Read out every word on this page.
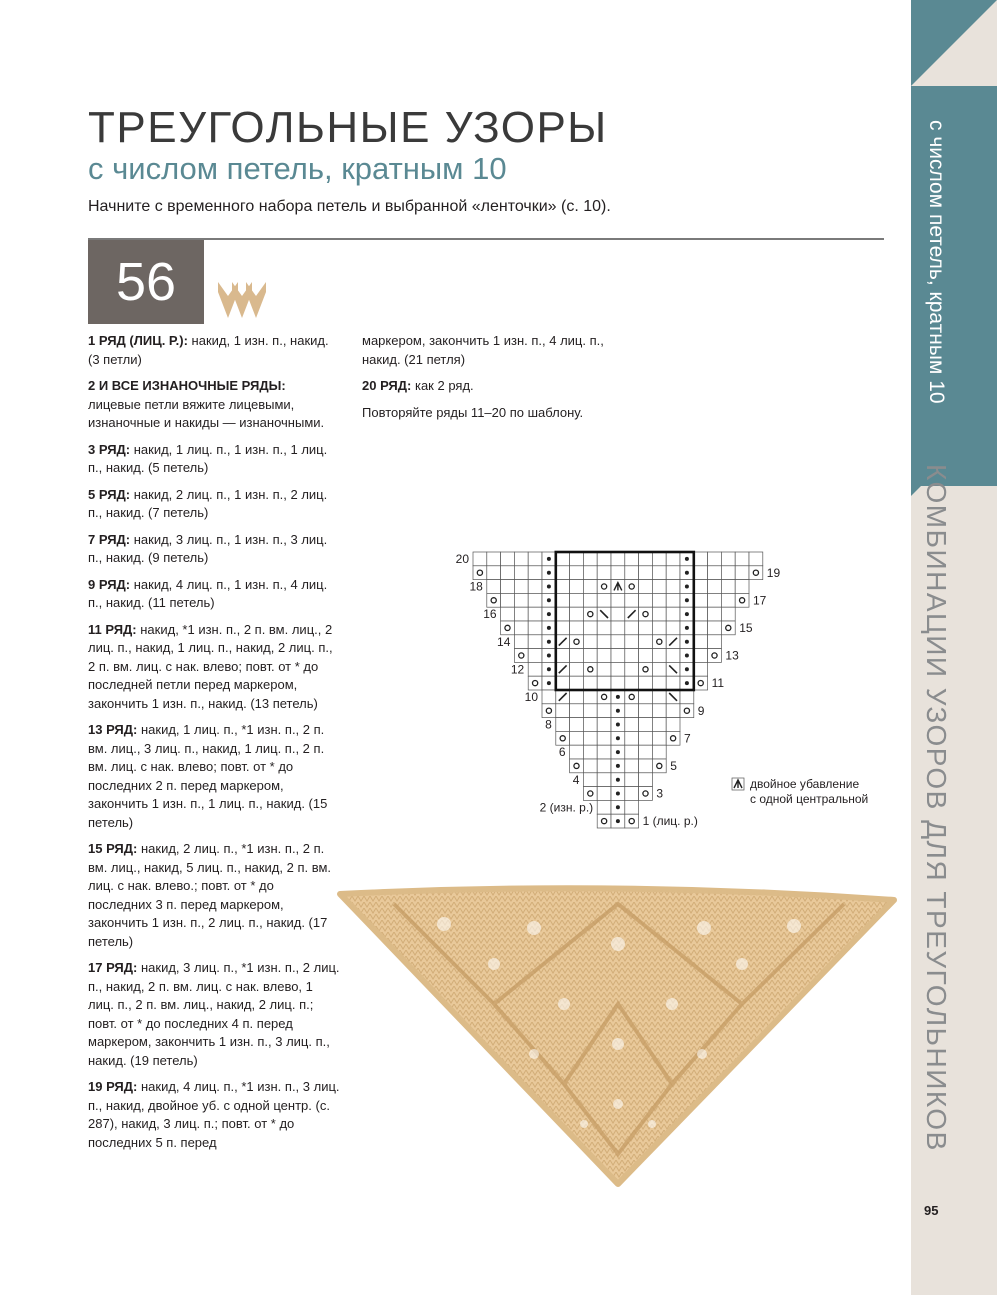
с числом петель, кратным 10
КОМБИНАЦИИ УЗОРОВ ДЛЯ ТРЕУГОЛЬНИКОВ
ТРЕУГОЛЬНЫЕ УЗОРЫ
с числом петель, кратным 10
Начните с временного набора петель и выбранной «ленточки» (с. 10).
56

1 РЯД (ЛИЦ. Р.): накид, 1 изн. п., накид. (3 петли)

2 И ВСЕ ИЗНАНОЧНЫЕ РЯДЫ: лицевые петли вяжите лицевыми, изнаночные и накиды — изнаночными.

3 РЯД: накид, 1 лиц. п., 1 изн. п., 1 лиц. п., накид. (5 петель)

5 РЯД: накид, 2 лиц. п., 1 изн. п., 2 лиц. п., накид. (7 петель)

7 РЯД: накид, 3 лиц. п., 1 изн. п., 3 лиц. п., накид. (9 петель)

9 РЯД: накид, 4 лиц. п., 1 изн. п., 4 лиц. п., накид. (11 петель)

11 РЯД: накид, *1 изн. п., 2 п. вм. лиц., 2 лиц. п., накид, 1 лиц. п., накид, 2 лиц. п., 2 п. вм. лиц. с нак. влево; повт. от * до последней петли перед маркером, закончить 1 изн. п., накид. (13 петель)

13 РЯД: накид, 1 лиц. п., *1 изн. п., 2 п. вм. лиц., 3 лиц. п., накид, 1 лиц. п., 2 п. вм. лиц. с нак. влево; повт. от * до последних 2 п. перед маркером, закончить 1 изн. п., 1 лиц. п., накид. (15 петель)

15 РЯД: накид, 2 лиц. п., *1 изн. п., 2 п. вм. лиц., накид, 5 лиц. п., накид, 2 п. вм. лиц. с нак. влево.; повт. от * до последних 3 п. перед маркером, закончить 1 изн. п., 2 лиц. п., накид. (17 петель)

17 РЯД: накид, 3 лиц. п., *1 изн. п., 2 лиц. п., накид, 2 п. вм. лиц. с нак. влево, 1 лиц. п., 2 п. вм. лиц., накид, 2 лиц. п.; повт. от * до последних 4 п. перед маркером, закончить 1 изн. п., 3 лиц. п., накид. (19 петель)

19 РЯД: накид, 4 лиц. п., *1 изн. п., 3 лиц. п., накид, двойное уб. с одной центр. (с. 287), накид, 3 лиц. п.; повт. от * до последних 5 п. перед

маркером, закончить 1 изн. п., 4 лиц. п., накид. (21 петля)

20 РЯД: как 2 ряд.

Повторяйте ряды 11–20 по шаблону.

20
18
16
14
12
10
8
6
4
2 (изн. р.)
19
17
15
13
11
9
7
5
3
1 (лиц. р.)
двойное убавление
с одной центральной
95
